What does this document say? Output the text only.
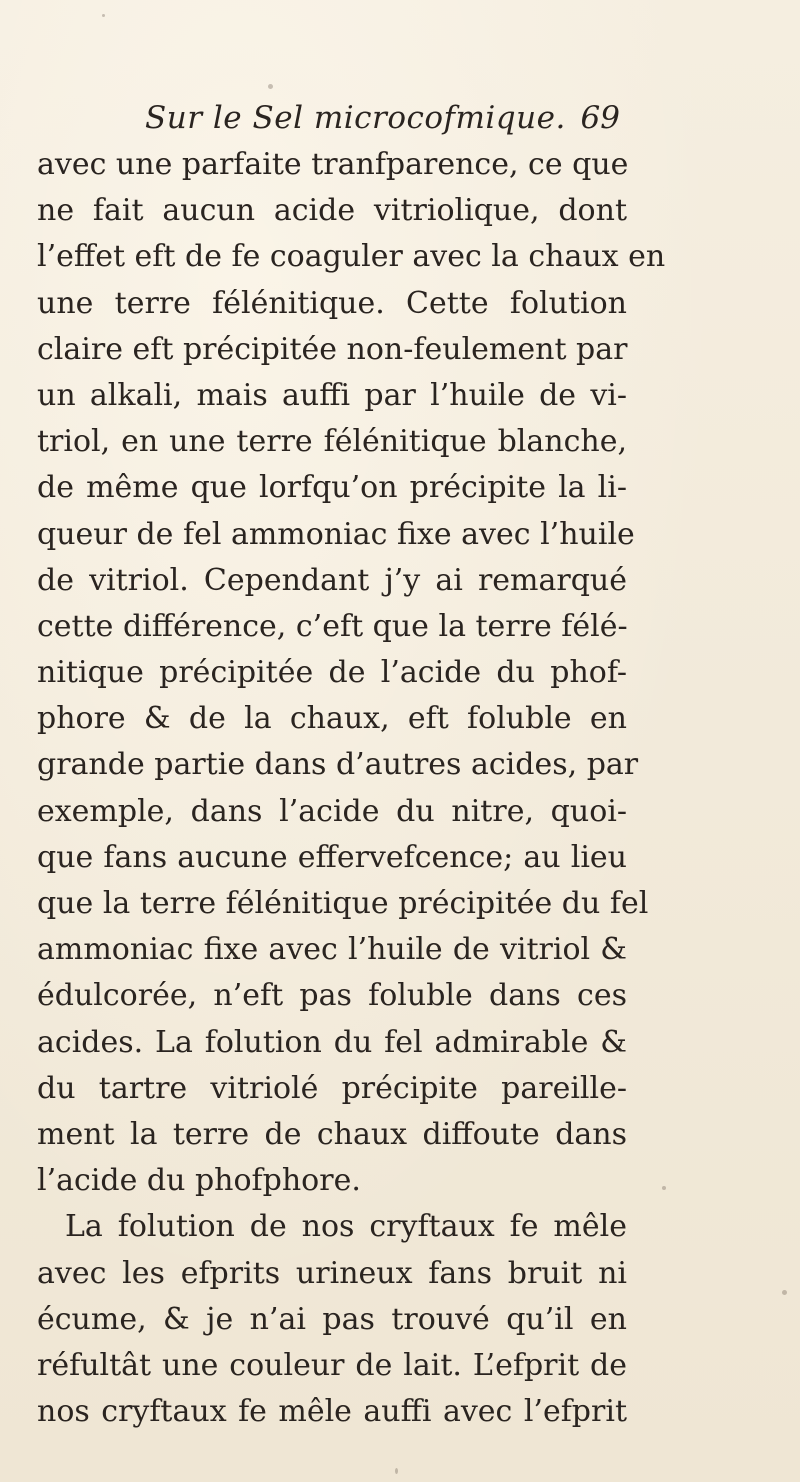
Sur le Sel microcofmique. 69
avec une parfaite tranfparence, ce que
ne fait aucun acide vitriolique, dont
l’effet eft de fe coaguler avec la chaux en
une terre félénitique. Cette folution
claire eft précipitée non-feulement par
un alkali, mais auffi par l’huile de vi-
triol, en une terre félénitique blanche,
de même que lorfqu’on précipite la li-
queur de fel ammoniac fixe avec l’huile
de vitriol. Cependant j’y ai remarqué
cette différence, c’eft que la terre félé-
nitique précipitée de l’acide du phof-
phore & de la chaux, eft foluble en
grande partie dans d’autres acides, par
exemple, dans l’acide du nitre, quoi-
que fans aucune effervefcence; au lieu
que la terre félénitique précipitée du fel
ammoniac fixe avec l’huile de vitriol &
édulcorée, n’eft pas foluble dans ces
acides. La folution du fel admirable &
du tartre vitriolé précipite pareille-
ment la terre de chaux diffoute dans
l’acide du phofphore.
La folution de nos cryftaux fe mêle
avec les efprits urineux fans bruit ni
écume, & je n’ai pas trouvé qu’il en
réfultât une couleur de lait. L’efprit de
nos cryftaux fe mêle auffi avec l’efprit
